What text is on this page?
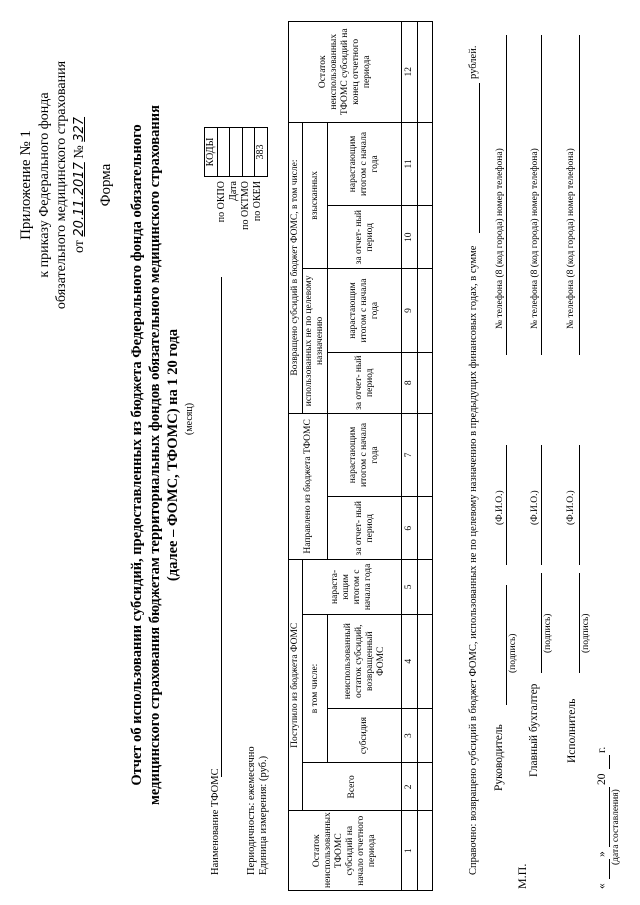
Приложение № 1 к приказу Федерального фонда обязательного медицинского страхования от 20.11.2017 № 327
Форма Отчет об использовании субсидий, предоставленных из бюджета Федерального фонда обязательного медицинского страхования бюджетам территориальных фондов обязательного медицинского страхования (далее – ФОМС, ТФОМС) на 1 20 года
(месяц)
Наименование ТФОМС Периодичность: ежемесячно Единица измерения: (руб.)
по ОКПО Дата по ОКТМО по ОКЕИ
КОДЫ

383
Остаток неиспользованных ТФОМС субсидий на начало отчетного периода	Поступило из бюджета ФОМС				Направлено из бюджета ТФОМС		Возвращено субсидий в бюджет ФОМС, в том числе:				Остаток неиспользованных ТФОМС субсидий на конец отчетного периода
	Всего	в том числе:		нараста- ющим итогом с начала года			использованных не по целевому назначению		взысканных		
		субсидия	неиспользованный остаток субсидий, возвращенный ФОМС		за отчет- ный период	нарастающим итогом с начала года	за отчет- ный период	нарастающим итогом с начала года	за отчет- ный период	нарастающим итогом с начала года	
1	2	3	4	5	6	7	8	9	10	11	12

Справочно: возвращено субсидий в бюджет ФОМС, использованных не по целевому назначению в предыдущих финансовых годах, в сумме
рублей.
М.П.
Руководитель
(подпись)
(Ф.И.О.)
№ телефона (8 (код города) номер телефона)
Главный бухгалтер
(подпись)
(Ф.И.О.)
№ телефона (8 (код города) номер телефона)
Исполнитель
(подпись)
(Ф.И.О.)
№ телефона (8 (код города) номер телефона)
«
»
20
г.
(дата составления)
